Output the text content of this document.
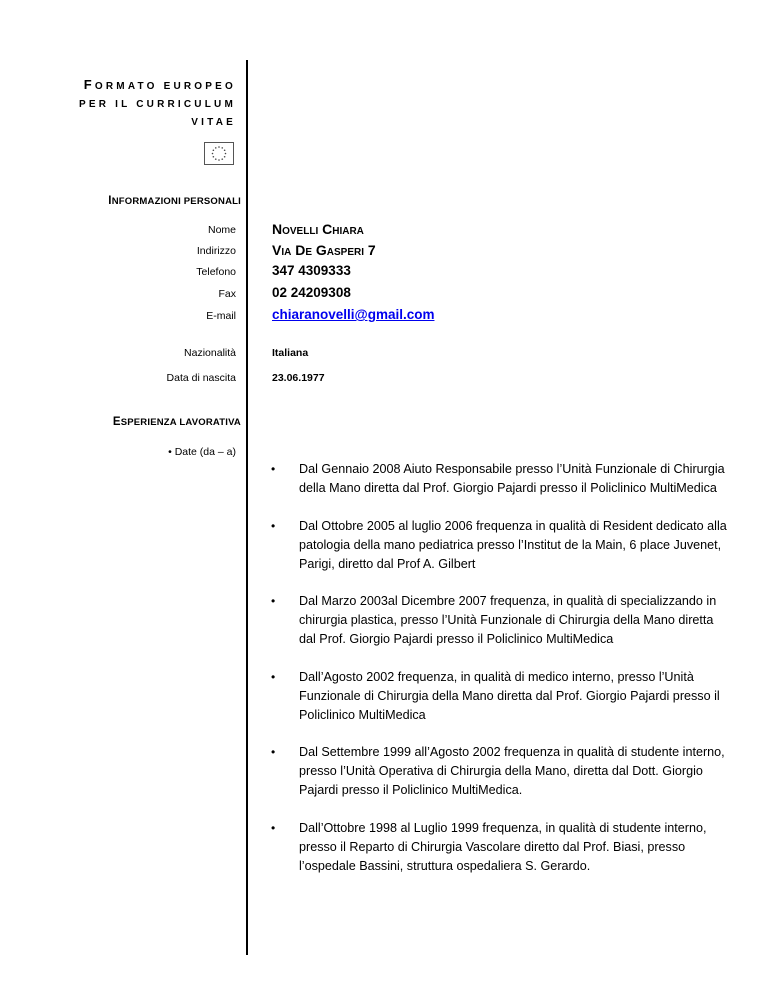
FORMATO EUROPEO
PER IL CURRICULUM
VITAE
INFORMAZIONI PERSONALI
Nome	Novelli Chiara
Indirizzo	Via De Gasperi 7
Telefono	347 4309333
Fax	02 24209308
E-mail	chiaranovelli@gmail.com
Nazionalità	Italiana
Data di nascita	23.06.1977
ESPERIENZA LAVORATIVA
• Date (da – a)
• Dal Gennaio 2008 Aiuto Responsabile presso l’Unità Funzionale di Chirurgia della Mano diretta dal Prof. Giorgio Pajardi presso il Policlinico MultiMedica
• Dal Ottobre 2005 al luglio 2006 frequenza in qualità di Resident dedicato alla patologia della mano pediatrica presso l’Institut de la Main, 6 place Juvenet, Parigi, diretto dal Prof A. Gilbert
• Dal Marzo 2003al Dicembre 2007 frequenza, in qualità di specializzando in chirurgia plastica, presso l’Unità Funzionale di Chirurgia della Mano diretta dal Prof. Giorgio Pajardi presso il Policlinico MultiMedica
• Dall’Agosto 2002 frequenza, in qualità di medico interno, presso l’Unità Funzionale di Chirurgia della Mano diretta dal Prof. Giorgio Pajardi presso il Policlinico MultiMedica
• Dal Settembre 1999 all’Agosto 2002 frequenza in qualità di studente interno, presso l’Unità Operativa di Chirurgia della Mano, diretta dal Dott. Giorgio Pajardi presso il Policlinico MultiMedica.
• Dall’Ottobre 1998 al Luglio 1999 frequenza, in qualità di studente interno, presso il Reparto di Chirurgia Vascolare diretto dal Prof. Biasi, presso l’ospedale Bassini, struttura ospedaliera S. Gerardo.
